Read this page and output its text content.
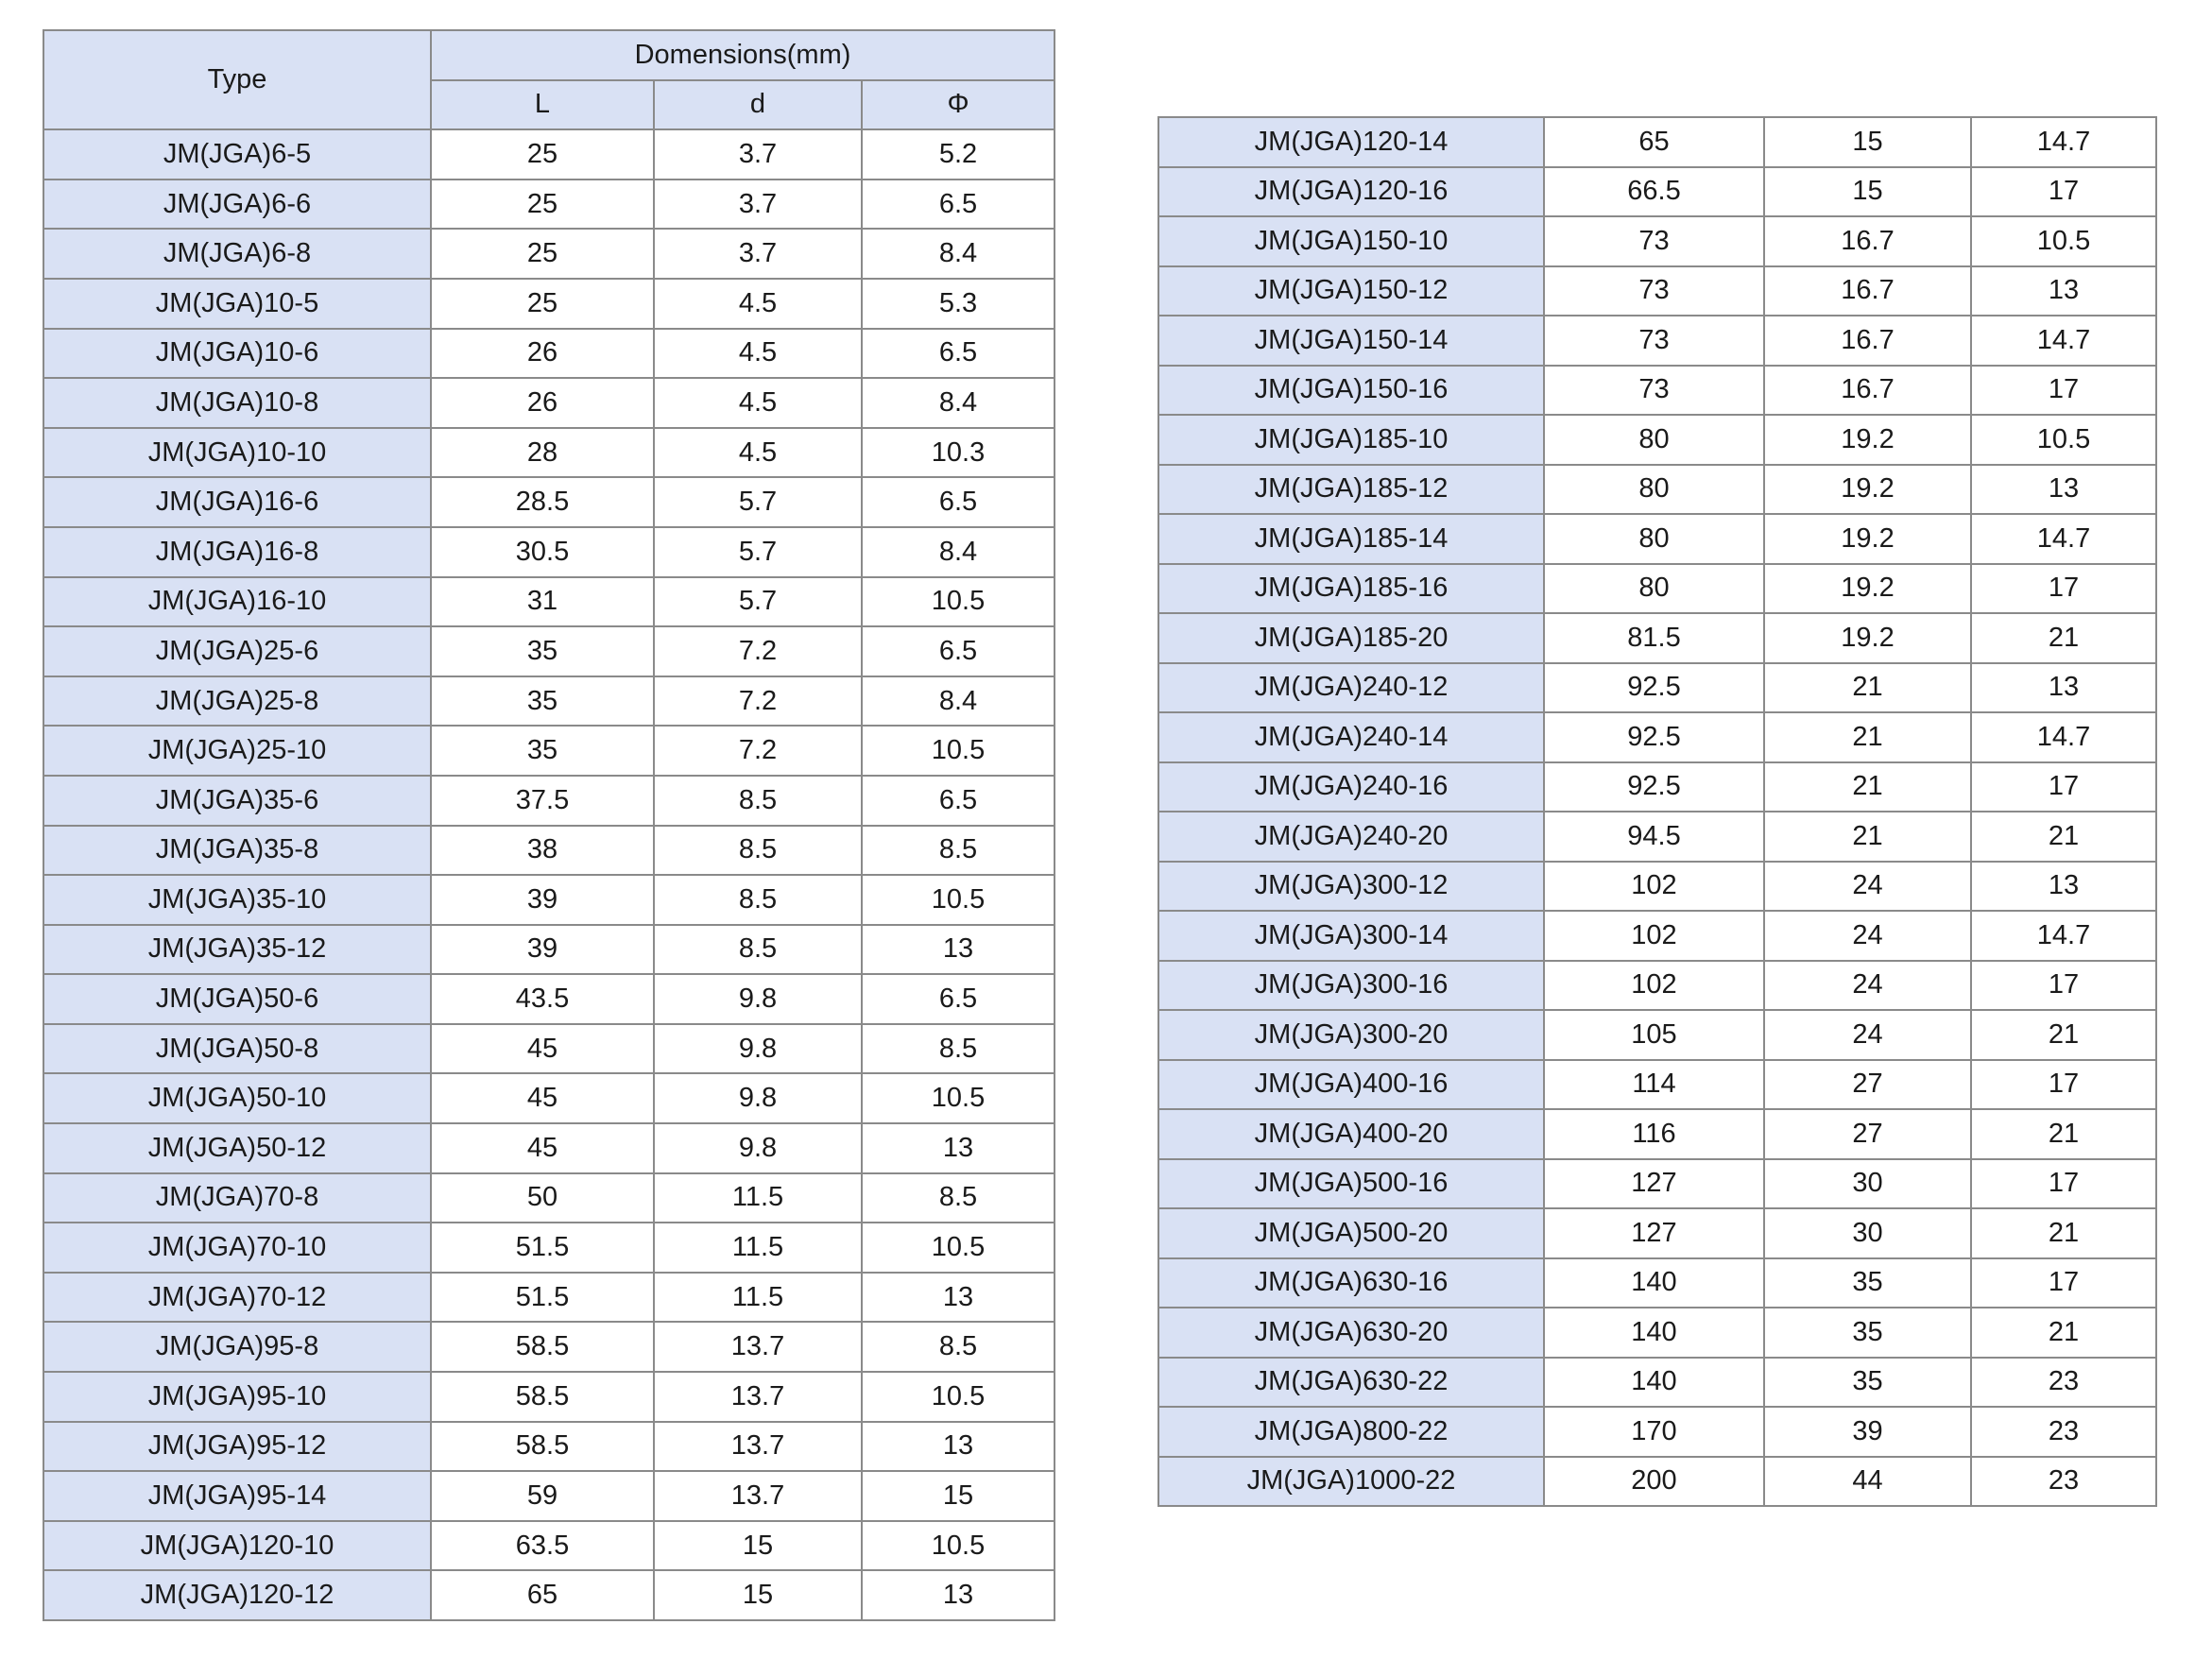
Type	Domensions(mm)		
	L	d	Φ
JM(JGA)6-5	25	3.7	5.2
JM(JGA)6-6	25	3.7	6.5
JM(JGA)6-8	25	3.7	8.4
JM(JGA)10-5	25	4.5	5.3
JM(JGA)10-6	26	4.5	6.5
JM(JGA)10-8	26	4.5	8.4
JM(JGA)10-10	28	4.5	10.3
JM(JGA)16-6	28.5	5.7	6.5
JM(JGA)16-8	30.5	5.7	8.4
JM(JGA)16-10	31	5.7	10.5
JM(JGA)25-6	35	7.2	6.5
JM(JGA)25-8	35	7.2	8.4
JM(JGA)25-10	35	7.2	10.5
JM(JGA)35-6	37.5	8.5	6.5
JM(JGA)35-8	38	8.5	8.5
JM(JGA)35-10	39	8.5	10.5
JM(JGA)35-12	39	8.5	13
JM(JGA)50-6	43.5	9.8	6.5
JM(JGA)50-8	45	9.8	8.5
JM(JGA)50-10	45	9.8	10.5
JM(JGA)50-12	45	9.8	13
JM(JGA)70-8	50	11.5	8.5
JM(JGA)70-10	51.5	11.5	10.5
JM(JGA)70-12	51.5	11.5	13
JM(JGA)95-8	58.5	13.7	8.5
JM(JGA)95-10	58.5	13.7	10.5
JM(JGA)95-12	58.5	13.7	13
JM(JGA)95-14	59	13.7	15
JM(JGA)120-10	63.5	15	10.5
JM(JGA)120-12	65	15	13
JM(JGA)120-14	65	15	14.7
JM(JGA)120-16	66.5	15	17
JM(JGA)150-10	73	16.7	10.5
JM(JGA)150-12	73	16.7	13
JM(JGA)150-14	73	16.7	14.7
JM(JGA)150-16	73	16.7	17
JM(JGA)185-10	80	19.2	10.5
JM(JGA)185-12	80	19.2	13
JM(JGA)185-14	80	19.2	14.7
JM(JGA)185-16	80	19.2	17
JM(JGA)185-20	81.5	19.2	21
JM(JGA)240-12	92.5	21	13
JM(JGA)240-14	92.5	21	14.7
JM(JGA)240-16	92.5	21	17
JM(JGA)240-20	94.5	21	21
JM(JGA)300-12	102	24	13
JM(JGA)300-14	102	24	14.7
JM(JGA)300-16	102	24	17
JM(JGA)300-20	105	24	21
JM(JGA)400-16	114	27	17
JM(JGA)400-20	116	27	21
JM(JGA)500-16	127	30	17
JM(JGA)500-20	127	30	21
JM(JGA)630-16	140	35	17
JM(JGA)630-20	140	35	21
JM(JGA)630-22	140	35	23
JM(JGA)800-22	170	39	23
JM(JGA)1000-22	200	44	23
